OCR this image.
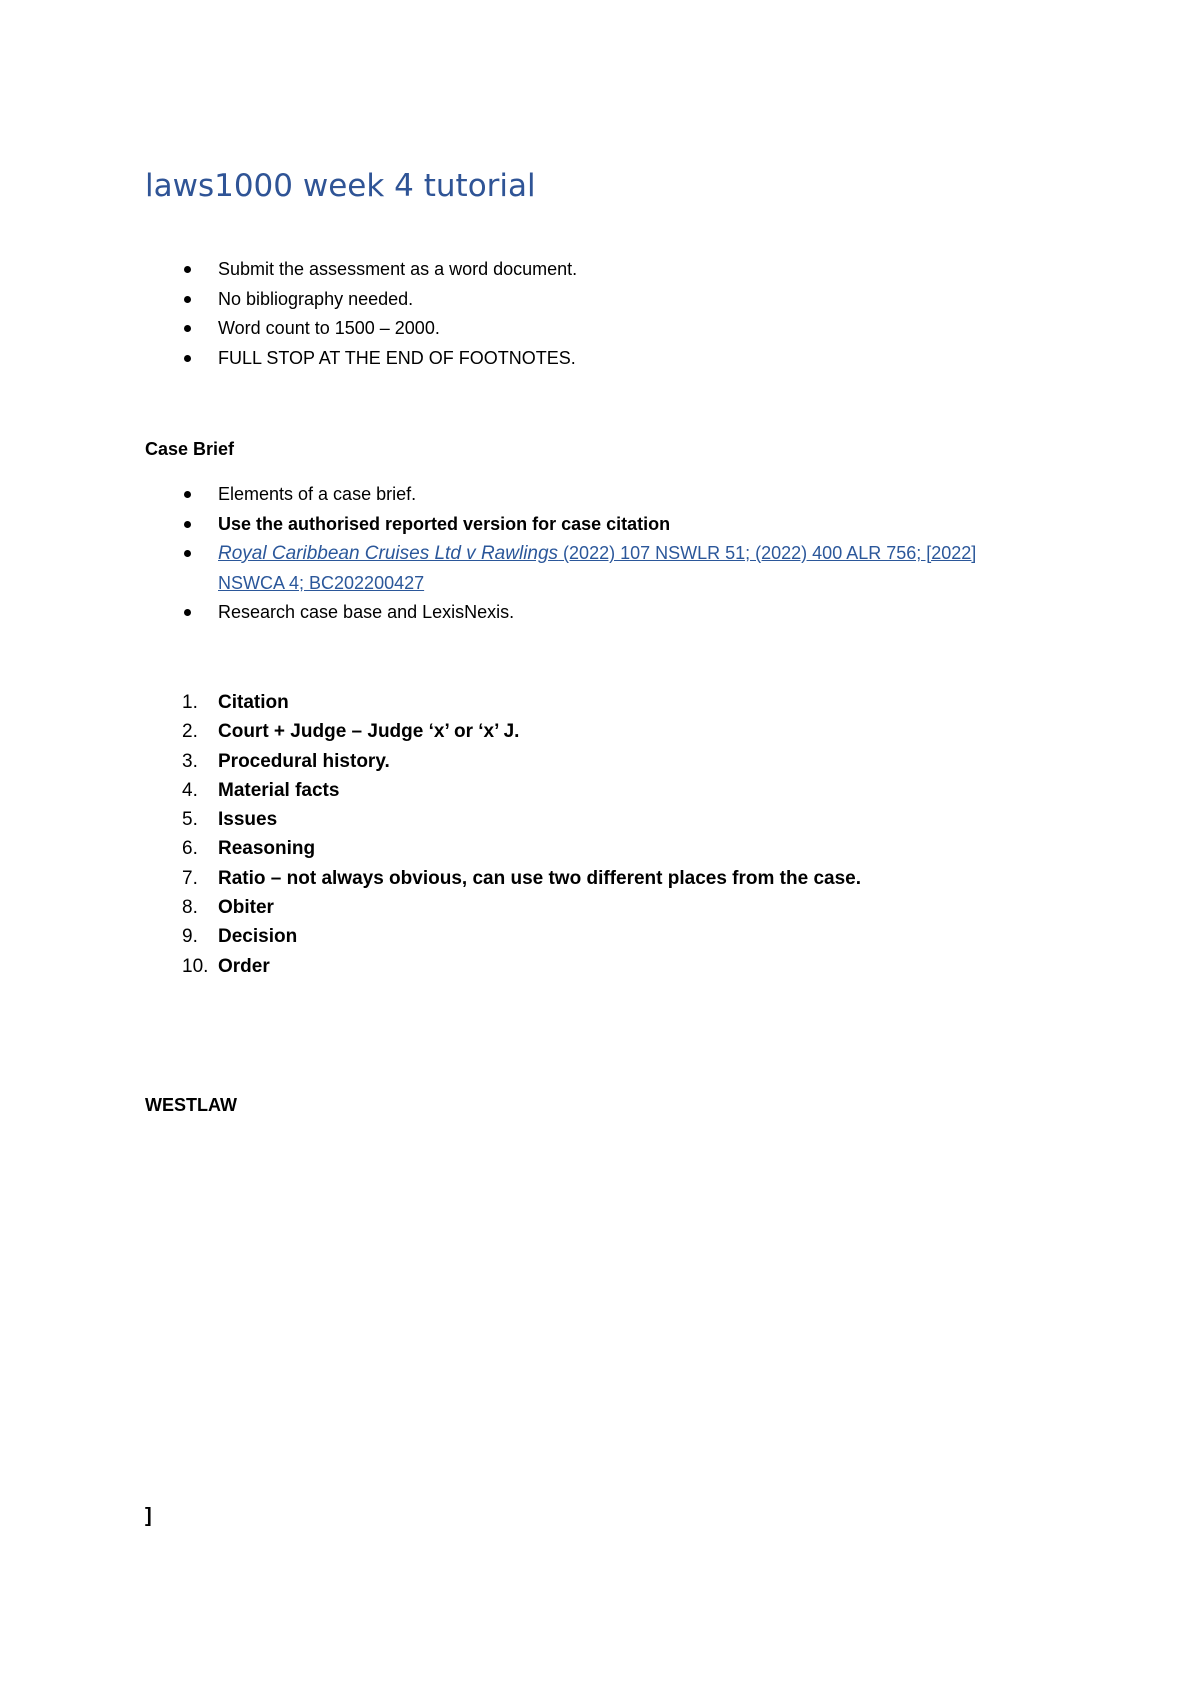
laws1000 week 4 tutorial
Submit the assessment as a word document.
No bibliography needed.
Word count to 1500 – 2000.
FULL STOP AT THE END OF FOOTNOTES.
Case Brief
Elements of a case brief.
Use the authorised reported version for case citation
Royal Caribbean Cruises Ltd v Rawlings (2022) 107 NSWLR 51; (2022) 400 ALR 756; [2022] NSWCA 4; BC202200427
Research case base and LexisNexis.
1. Citation
2. Court + Judge – Judge ‘x’ or ‘x’ J.
3. Procedural history.
4. Material facts
5. Issues
6. Reasoning
7. Ratio – not always obvious, can use two different places from the case.
8. Obiter
9. Decision
10. Order
WESTLAW
]
